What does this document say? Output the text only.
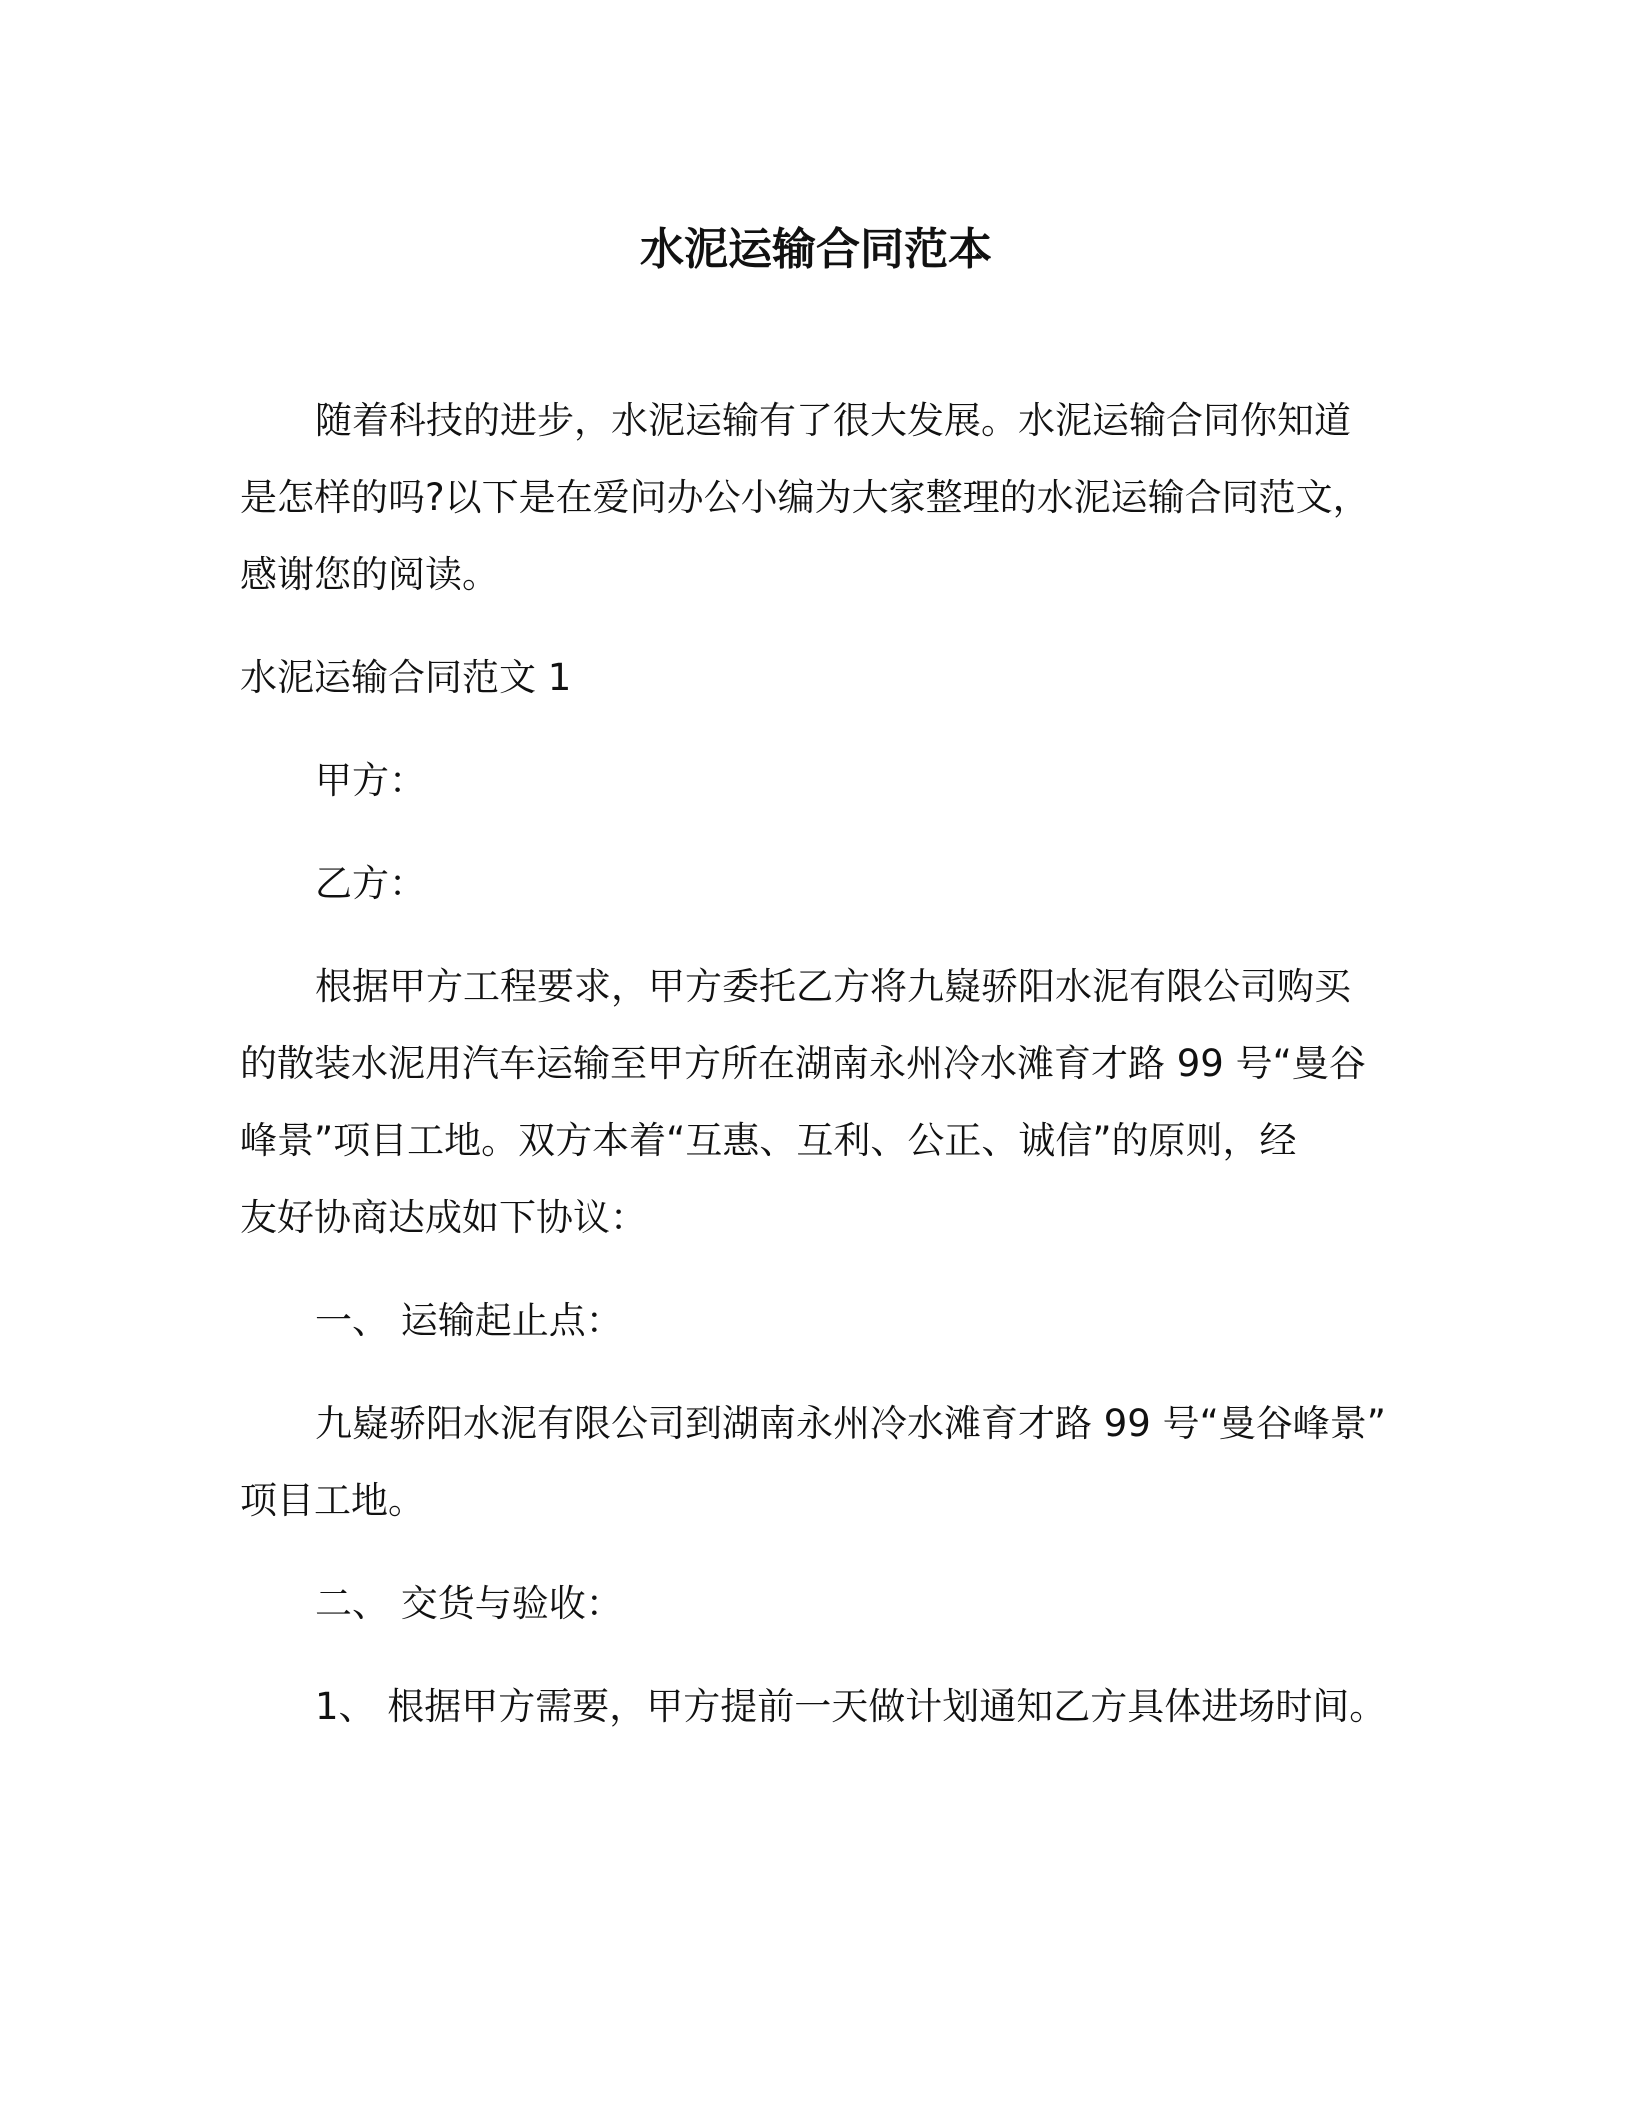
水泥运输合同范本
随着科技的进步，水泥运输有了很大发展。水泥运输合同你知道
是怎样的吗?以下是在爱问办公小编为大家整理的水泥运输合同范文，
感谢您的阅读。
水泥运输合同范文 1
甲方：
乙方：
根据甲方工程要求，甲方委托乙方将九嶷骄阳水泥有限公司购买
的散装水泥用汽车运输至甲方所在湖南永州冷水滩育才路 99 号“曼谷
峰景”项目工地。双方本着“互惠、互利、公正、诚信”的原则，经
友好协商达成如下协议：
一、 运输起止点：
九嶷骄阳水泥有限公司到湖南永州冷水滩育才路 99 号“曼谷峰景”
项目工地。
二、 交货与验收：
1、 根据甲方需要，甲方提前一天做计划通知乙方具体进场时间。
